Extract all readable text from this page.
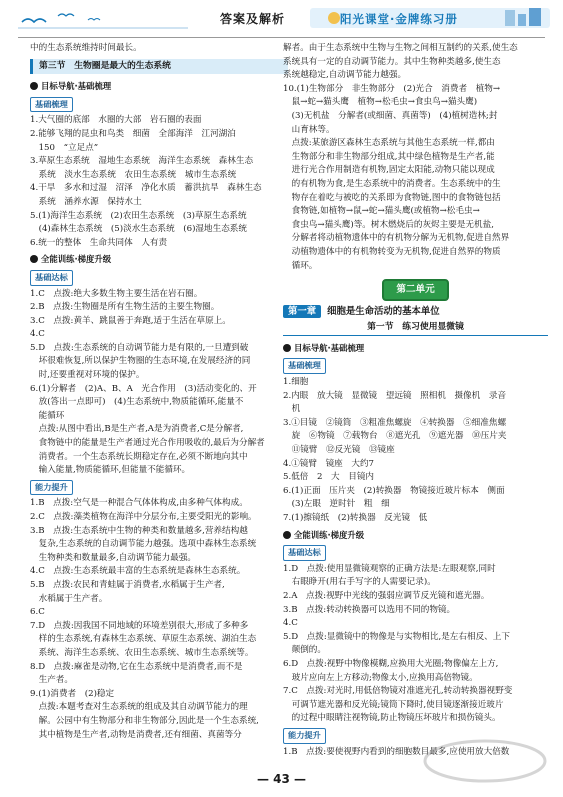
答案及解析	阳光课堂·金牌练习册
中的生态系统维持时间最长。
第三节　生物圈是最大的生态系统
目标导航·基础梳理
基础梳理
1.大气圈的底部　水圈的大部　岩石圈的表面
2.能够飞翔的昆虫和鸟类　细菌　全部海洋　江河湖泊
　150　“立足点”
3.草原生态系统　湿地生态系统　海洋生态系统　森林生态
　系统　淡水生态系统　农田生态系统　城市生态系统
4.干旱　多水和过湿　沼泽　净化水质　蓄洪抗旱　森林生态
　系统　涵养水源　保持水土
5.(1)海洋生态系统　(2)农田生态系统　(3)草原生态系统
　(4)森林生态系统　(5)淡水生态系统　(6)湿地生态系统
6.统一的整体　生命共同体　人有责
全能训练·梯度升级
基础达标
1.C　点拨:绝大多数生物主要生活在岩石圈。
2.B　点拨:生物圈是所有生物生活的主要生物圈。
3.C　点拨:黄羊、跳鼠善于奔跑,适于生活在草原上。
4.C
5.D　点拨:生态系统的自动调节能力是有限的,一旦遭到破
　坏很难恢复,所以保护生物圈的生态环境,在发展经济的同
　时,还要重视对环境的保护。
6.(1)分解者　(2)A、B、A　光合作用　(3)活动变化的、开
　放(答出一点即可)　(4)生态系统中,物质能循环,能量不
　能循环
　点拨:从图中看出,B是生产者,A是为消费者,C是分解者,
　食物链中的能量是生产者通过光合作用吸收的,最后为分解者
　消费者。一个生态系统长期稳定存在,必须不断地向其中
　输入能量,物质能循环,但能量不能循环。
能力提升
1.B　点拨:空气是一种混合气体体构成,由多种气体构成。
2.C　点拨:藻类植物在海洋中分层分布,主要受阳光的影响。
3.B　点拨:生态系统中生物的种类和数量越多,营养结构越
　复杂,生态系统的自动调节能力越强。选项中森林生态系统
　生物种类和数量最多,自动调节能力最强。
4.C　点拨:生态系统最丰富的生态系统是森林生态系统。
5.B　点拨:农民和青蛙属于消费者,水稻属于生产者,
　水稻属于生产者。
6.C
7.D　点拨:因我国不同地域的环境差别很大,形成了多种多
　样的生态系统,有森林生态系统、草原生态系统、湖泊生态
　系统、海洋生态系统、农田生态系统、城市生态系统等。
8.D　点拨:麻雀是动物,它在生态系统中是消费者,而不是
　生产者。
9.(1)消费者　(2)稳定
　点拨:本题考查对生态系统的组成及其自动调节能力的理
　解。公园中有生物部分和非生物部分,因此是一个生态系统,
　其中植物是生产者,动物是消费者,还有细菌、真菌等分
解者。由于生态系统中生物与生物之间相互制约的关系,使生态
系统具有一定的自动调节能力。其中生物种类越多,使生态
系统越稳定,自动调节能力越强。
10.(1)生物部分　非生物部分　(2)光合　消费者　植物→
　鼠→蛇→猫头鹰　植物→松毛虫→食虫鸟→猫头鹰)
　(3)无机盐　分解者(或细菌、真菌等)　(4)植树造林;封
　山育林等。
　点拨:某旅游区森林生态系统与其他生态系统一样,都由
　生物部分和非生物部分组成,其中绿色植物是生产者,能
　进行光合作用制造有机物,固定太阳能,动物只能以现成
　的有机物为食,是生态系统中的消费者。生态系统中的生
　物存在着吃与被吃的关系即为食物链,图中的食物链包括
　食物链,如植物→鼠→蛇→猫头鹰(或植物→松毛虫→
　食虫鸟→猫头鹰)等。树木燃烧后的灰烬主要是无机盐,
　分解者将动植物遗体中的有机物分解为无机物,促进自然界
　动植物遗体中的有机物转变为无机物,促进自然界的物质
　循环。
第二单元
第一章 细胞是生命活动的基本单位
第一节　练习使用显微镜
目标导航·基础梳理
基础梳理
1.细胞
2.内眼　放大镜　显微镜　望远镜　照相机　摄像机　录音
　机
3.①目镜　②镜筒　③粗准焦螺旋　④转换器　⑤细准焦螺
　旋　⑥物镜　⑦载物台　⑧遮光孔　⑨遮光器　⑩压片夹
　⑪镜臂　⑫反光镜　⑬镜座
4.①镜臂　镜座　大约7
5.低倍　2　大　目镜内
6.(1)正面　压片夹　(2)转换器　物镜接近玻片标本　侧面
　(3)左眼　逆时针　粗　细
7.(1)擦镜纸　(2)转换器　反光镜　低
全能训练·梯度升级
基础达标
1.D　点拨:使用显微镜观察的正确方法是:左眼观察,同时
　右眼睁开(用右手写字的人需要记录)。
2.A　点拨:视野中光线的强弱应调节反光镜和遮光器。
3.B　点拨:转动转换器可以选用不同的物镜。
4.C
5.D　点拨:显微镜中的物像是与实物相比,是左右相反、上下
　颠倒的。
6.D　点拨:视野中物像模糊,应换用大光圈;物像偏左上方,
　玻片应向左上方移动;物像太小,应换用高倍物镜。
7.C　点拨:对光时,用低倍物镜对准遮光孔,转动转换器视野变
　可调节遮光器和反光镜;镜筒下降时,使目镜逐渐接近玻片
　的过程中眼睛注视物镜,防止物镜压坏玻片和损伤镜头。
能力提升
1.B　点拨:要使视野内看到的细胞数目最多,应使用放大倍数
— 43 —
